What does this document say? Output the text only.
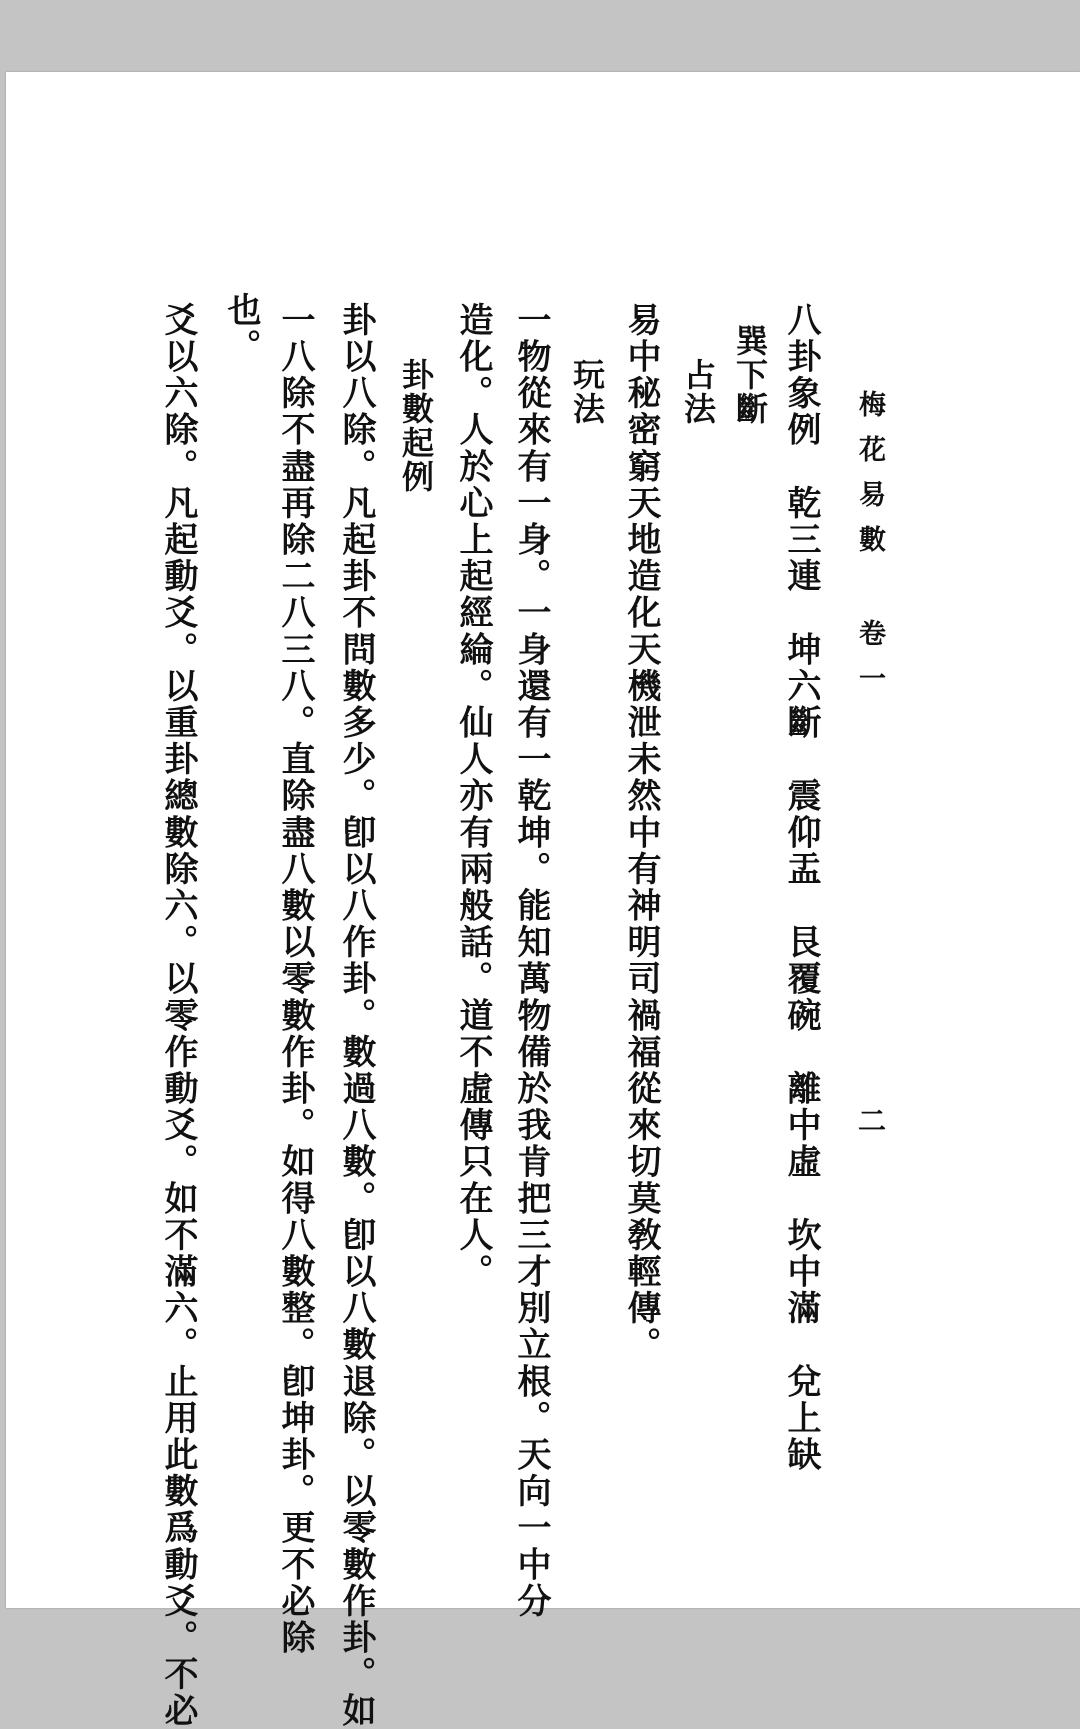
梅花易數 卷一
二
八卦象例　乾三連　坤六斷　震仰盂　艮覆碗　離中虛　坎中滿　兌上缺
巽下斷
占法
易中秘密窮天地造化天機泄未然中有神明司禍福從來切莫敎輕傳。
玩法
一物從來有一身。一身還有一乾坤。能知萬物備於我肯把三才別立根。天向一中分
造化。人於心上起經綸。仙人亦有兩般話。道不虛傳只在人。
卦數起例
卦以八除。凡起卦不問數多少。卽以八作卦。數過八數。卽以八數退除。以零數作卦。如
一八除不盡再除二八三八。直除盡八數以零數作卦。如得八數整。卽坤卦。更不必除
也。
爻以六除。凡起動爻。以重卦總數除六。以零作動爻。如不滿六。止用此數爲動爻。不必
